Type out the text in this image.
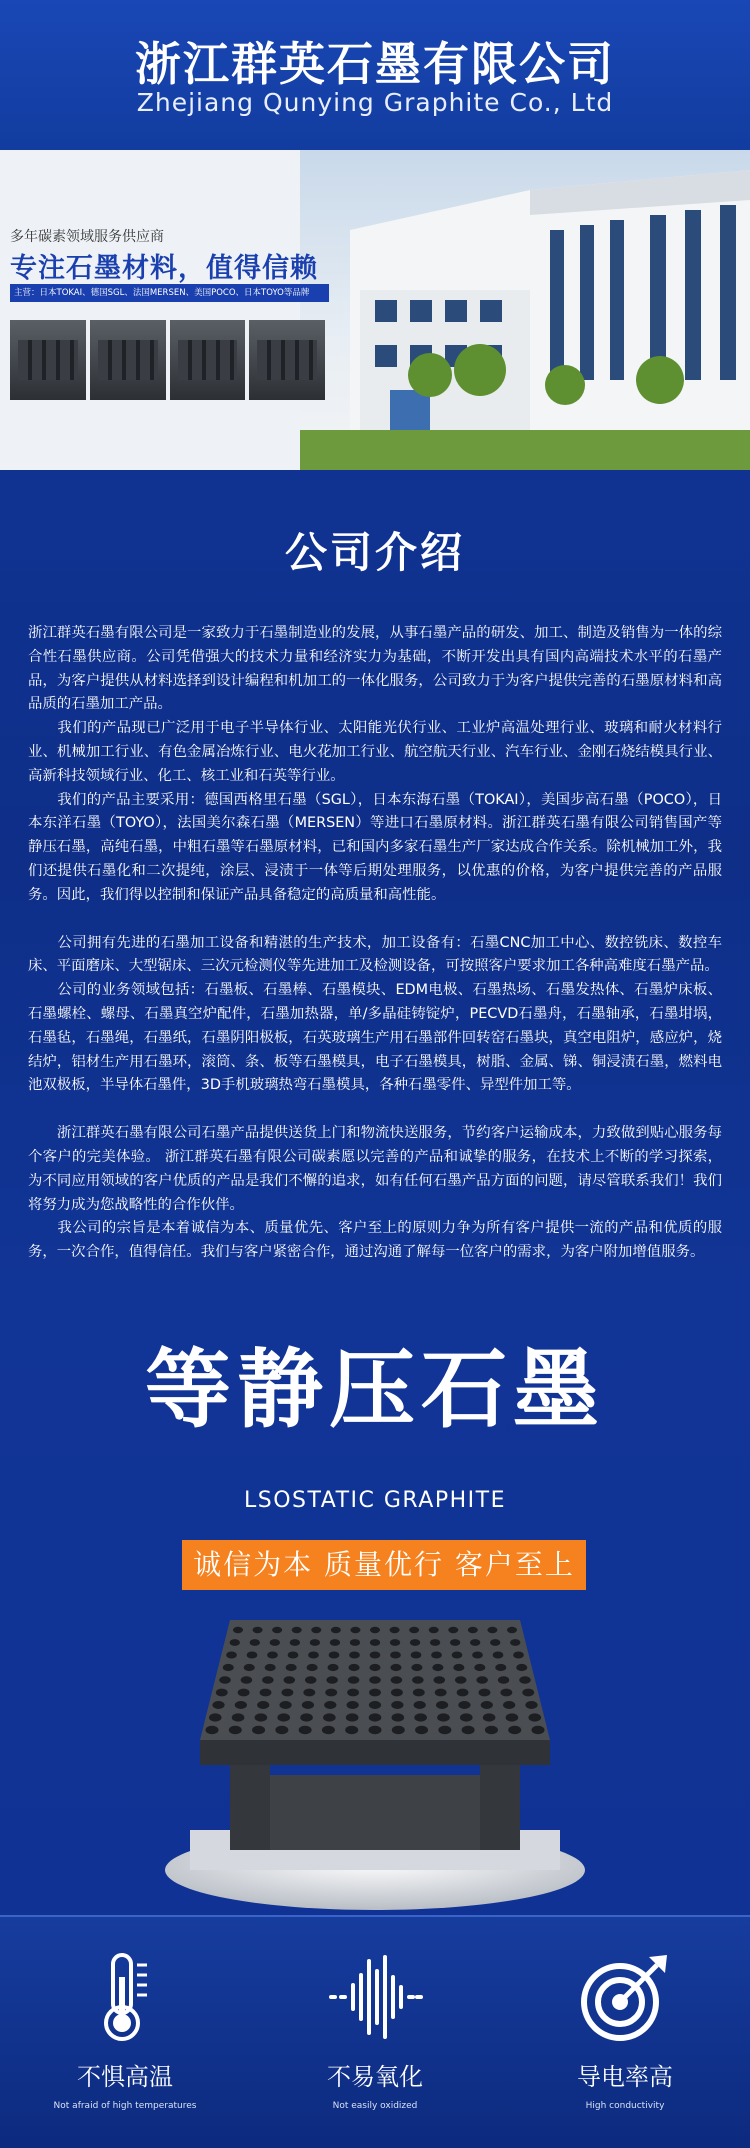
浙江群英石墨有限公司
Zhejiang Qunying Graphite Co., Ltd
多年碳素领域服务供应商
专注石墨材料，值得信赖
主营：日本TOKAI、德国SGL、法国MERSEN、美国POCO、日本TOYO等品牌
公司介绍

浙江群英石墨有限公司是一家致力于石墨制造业的发展，从事石墨产品的研发、加工、制造及销售为一体的综合性石墨供应商。公司凭借强大的技术力量和经济实力为基础，不断开发出具有国内高端技术水平的石墨产品，为客户提供从材料选择到设计编程和机加工的一体化服务，公司致力于为客户提供完善的石墨原材料和高品质的石墨加工产品。

　　我们的产品现已广泛用于电子半导体行业、太阳能光伏行业、工业炉高温处理行业、玻璃和耐火材料行业、机械加工行业、有色金属冶炼行业、电火花加工行业、航空航天行业、汽车行业、金刚石烧结模具行业、高新科技领域行业、化工、核工业和石英等行业。

　　我们的产品主要采用：德国西格里石墨（SGL），日本东海石墨（TOKAI），美国步高石墨（POCO），日本东洋石墨（TOYO），法国美尔森石墨（MERSEN）等进口石墨原材料。浙江群英石墨有限公司销售国产等静压石墨，高纯石墨，中粗石墨等石墨原材料，已和国内多家石墨生产厂家达成合作关系。除机械加工外，我们还提供石墨化和二次提纯，涂层、浸渍于一体等后期处理服务，以优惠的价格，为客户提供完善的产品服务。因此，我们得以控制和保证产品具备稳定的高质量和高性能。

　　公司拥有先进的石墨加工设备和精湛的生产技术，加工设备有：石墨CNC加工中心、数控铣床、数控车床、平面磨床、大型锯床、三次元检测仪等先进加工及检测设备，可按照客户要求加工各种高难度石墨产品。

　　公司的业务领域包括：石墨板、石墨棒、石墨模块、EDM电极、石墨热场、石墨发热体、石墨炉床板、石墨螺栓、螺母、石墨真空炉配件，石墨加热器，单/多晶硅铸锭炉，PECVD石墨舟，石墨轴承，石墨坩埚，石墨毡，石墨绳，石墨纸，石墨阴阳极板，石英玻璃生产用石墨部件回转窑石墨块，真空电阻炉，感应炉，烧结炉，铝材生产用石墨环，滚筒、条、板等石墨模具，电子石墨模具，树脂、金属、锑、铜浸渍石墨，燃料电池双极板，半导体石墨件，3D手机玻璃热弯石墨模具，各种石墨零件、异型件加工等。

　　浙江群英石墨有限公司石墨产品提供送货上门和物流快送服务，节约客户运输成本，力致做到贴心服务每个客户的完美体验。 浙江群英石墨有限公司碳素愿以完善的产品和诚挚的服务，在技术上不断的学习探索，为不同应用领域的客户优质的产品是我们不懈的追求，如有任何石墨产品方面的问题，请尽管联系我们！我们将努力成为您战略性的合作伙伴。

　　我公司的宗旨是本着诚信为本、质量优先、客户至上的原则力争为所有客户提供一流的产品和优质的服务，一次合作，值得信任。我们与客户紧密合作，通过沟通了解每一位客户的需求，为客户附加增值服务。

等静压石墨
LSOSTATIC GRAPHITE
诚信为本 质量优行 客户至上
不惧高温
Not afraid of high temperatures
不易氧化
Not easily oxidized
导电率高
High conductivity
